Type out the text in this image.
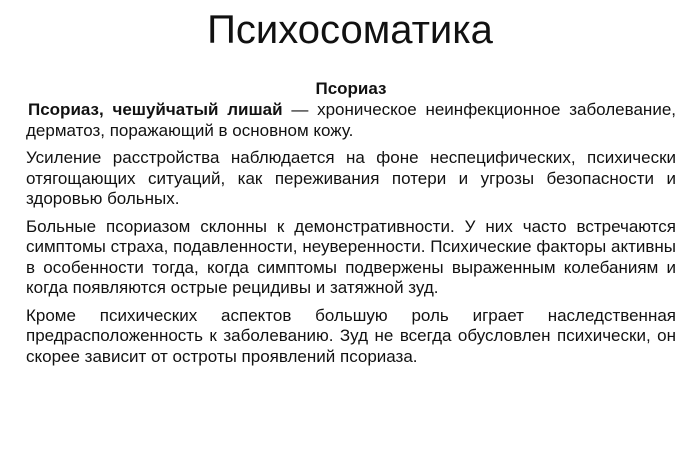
Психосоматика
Псориаз

Псориаз, чешуйчатый лишай — хроническое неинфекционное заболевание, дерматоз, поражающий в основном кожу.

Усиление расстройства наблюдается на фоне неспецифических, психически отягощающих ситуаций, как переживания потери и угрозы безопасности и здоровью больных.

Больные псориазом склонны к демонстративности. У них часто встречаются симптомы страха, подавленности, неуверенности. Психические факторы активны в особенности тогда, когда симптомы подвержены выраженным колебаниям и когда появляются острые рецидивы и затяжной зуд.

Кроме психических аспектов большую роль играет наследственная предрасположенность к заболеванию. Зуд не всегда обусловлен психически, он скорее зависит от остроты проявлений псориаза.
